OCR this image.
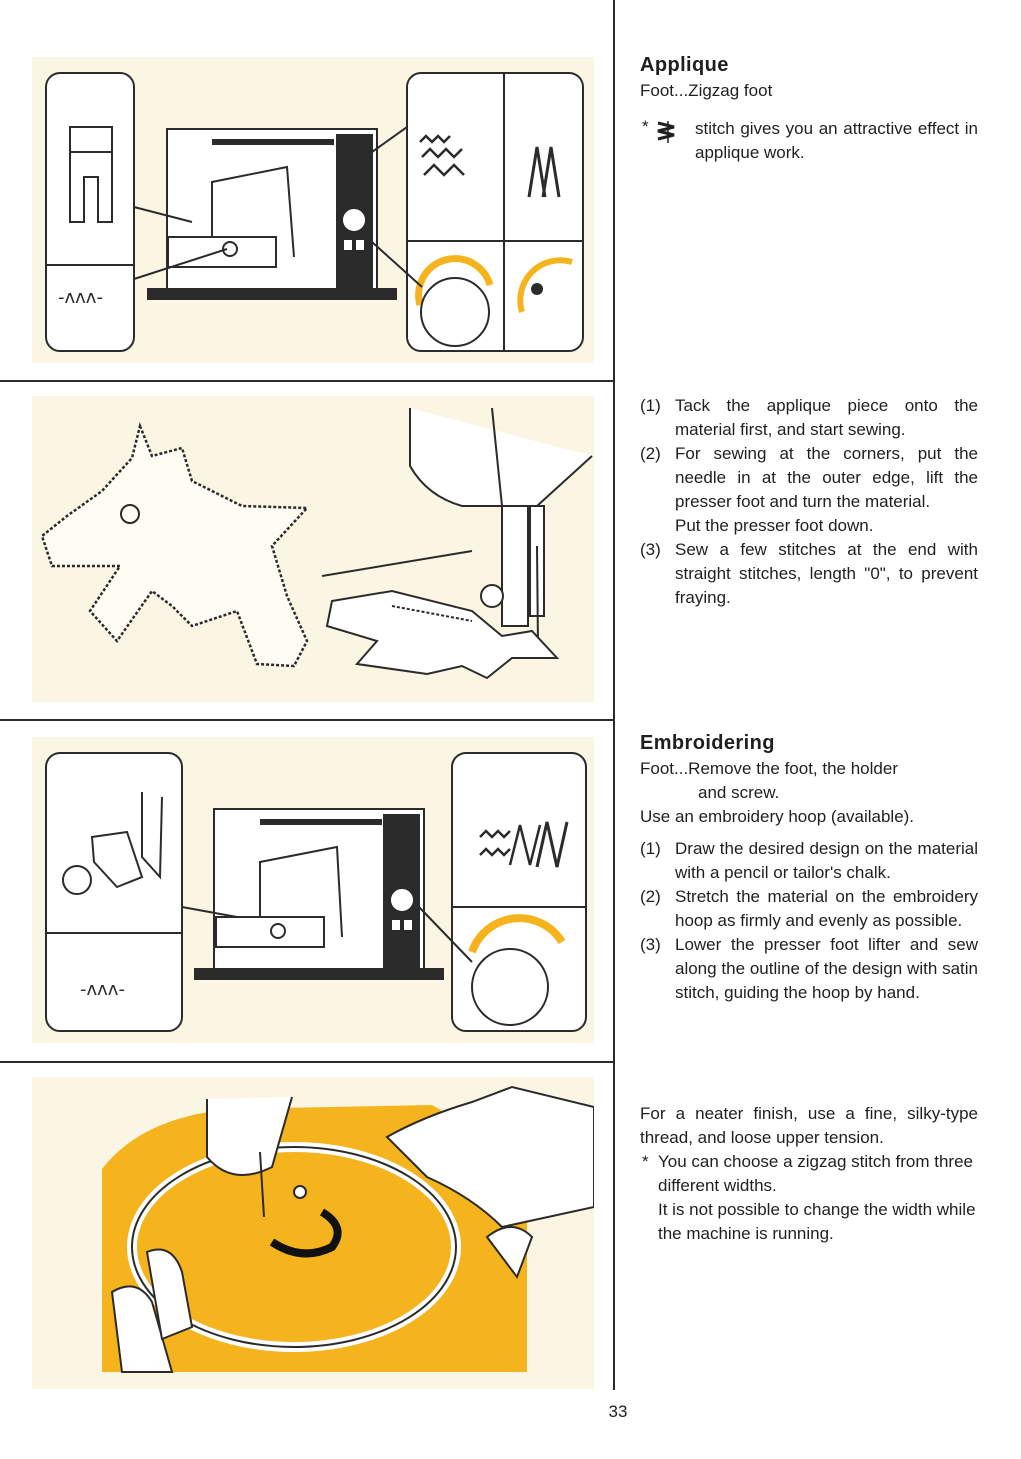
-ʌʌʌ-
-ʌʌʌ-
Applique

Foot...Zigzag foot

*	stitch gives you an attractive effect in applique work.

(1) Tack the applique piece onto the material first, and start sewing.
(2) For sewing at the corners, put the needle in at the outer edge, lift the presser foot and turn the material.
Put the presser foot down.
(3) Sew a few stitches at the end with straight stitches, length "0", to prevent fraying.
Embroidering

Foot...Remove the foot, the holder

and screw.

Use an embroidery hoop (available).

(1) Draw the desired design on the material with a pencil or tailor's chalk.
(2) Stretch the material on the embroidery hoop as firmly and evenly as possible.
(3) Lower the presser foot lifter and sew along the outline of the design with satin stitch, guiding the hoop by hand.

For a neater finish, use a fine, silky-type thread, and loose upper tension.

* You can choose a zigzag stitch from three different widths.

It is not possible to change the width while the machine is running.

33
